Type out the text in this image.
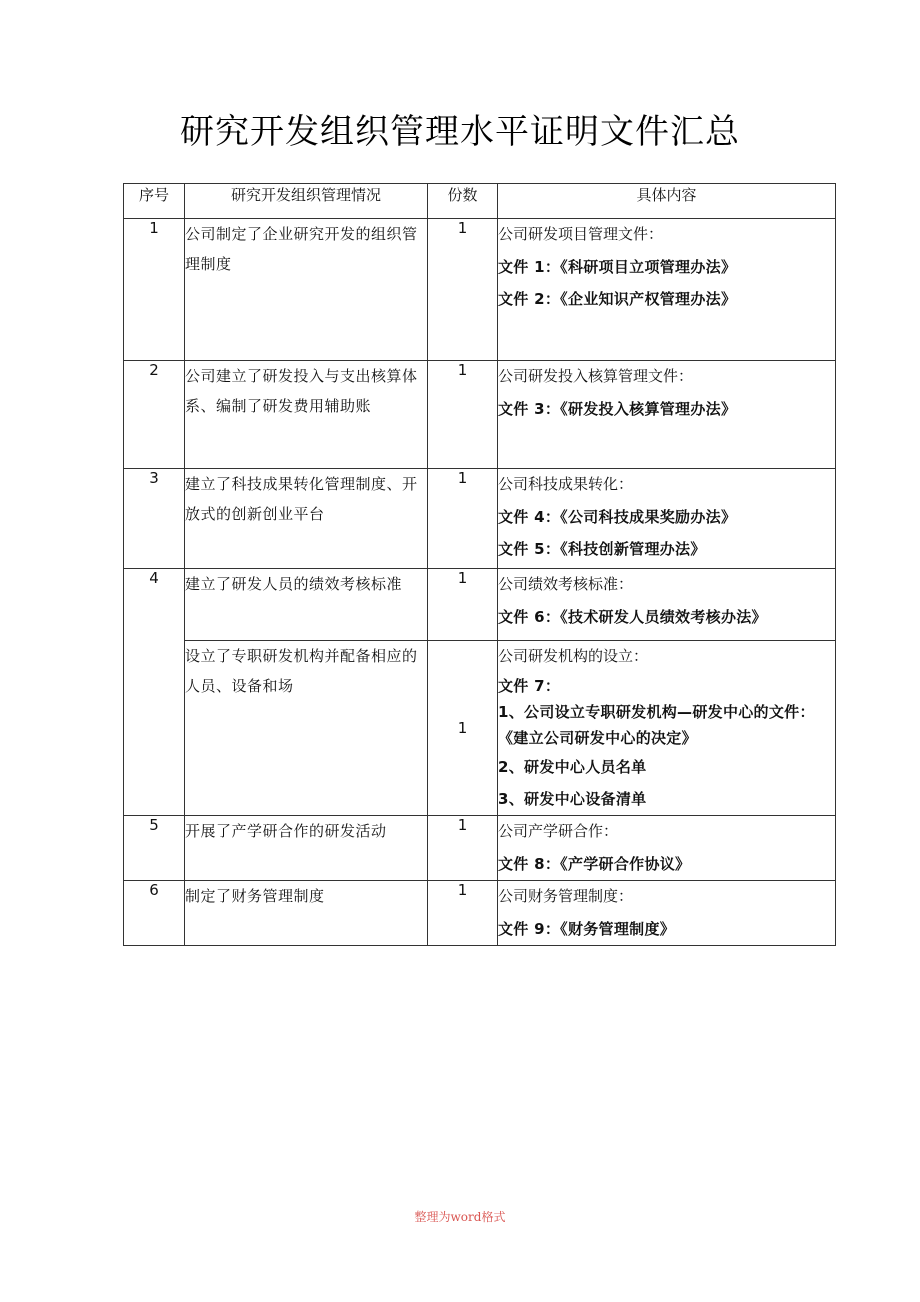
研究开发组织管理水平证明文件汇总
序号	研究开发组织管理情况	份数	具体内容
1	公司制定了企业研究开发的组织管理制度	1	公司研发项目管理文件：
文件 1：《科研项目立项管理办法》
文件 2：《企业知识产权管理办法》

2	公司建立了研发投入与支出核算体系、编制了研发费用辅助账	1	公司研发投入核算管理文件：
文件 3：《研发投入核算管理办法》

3	建立了科技成果转化管理制度、开放式的创新创业平台	1	公司科技成果转化：
文件 4：《公司科技成果奖励办法》
文件 5：《科技创新管理办法》

4	建立了研发人员的绩效考核标准	1	公司绩效考核标准：
文件 6：《技术研发人员绩效考核办法》

	设立了专职研发机构并配备相应的人员、设备和场	1	公司研发机构的设立：
文件 7：
1、公司设立专职研发机构—研发中心的文件：《建立公司研发中心的决定》
2、研发中心人员名单
3、研发中心设备清单

5	开展了产学研合作的研发活动	1	公司产学研合作：
文件 8：《产学研合作协议》

6	制定了财务管理制度	1	公司财务管理制度：
文件 9：《财务管理制度》
整理为word格式
